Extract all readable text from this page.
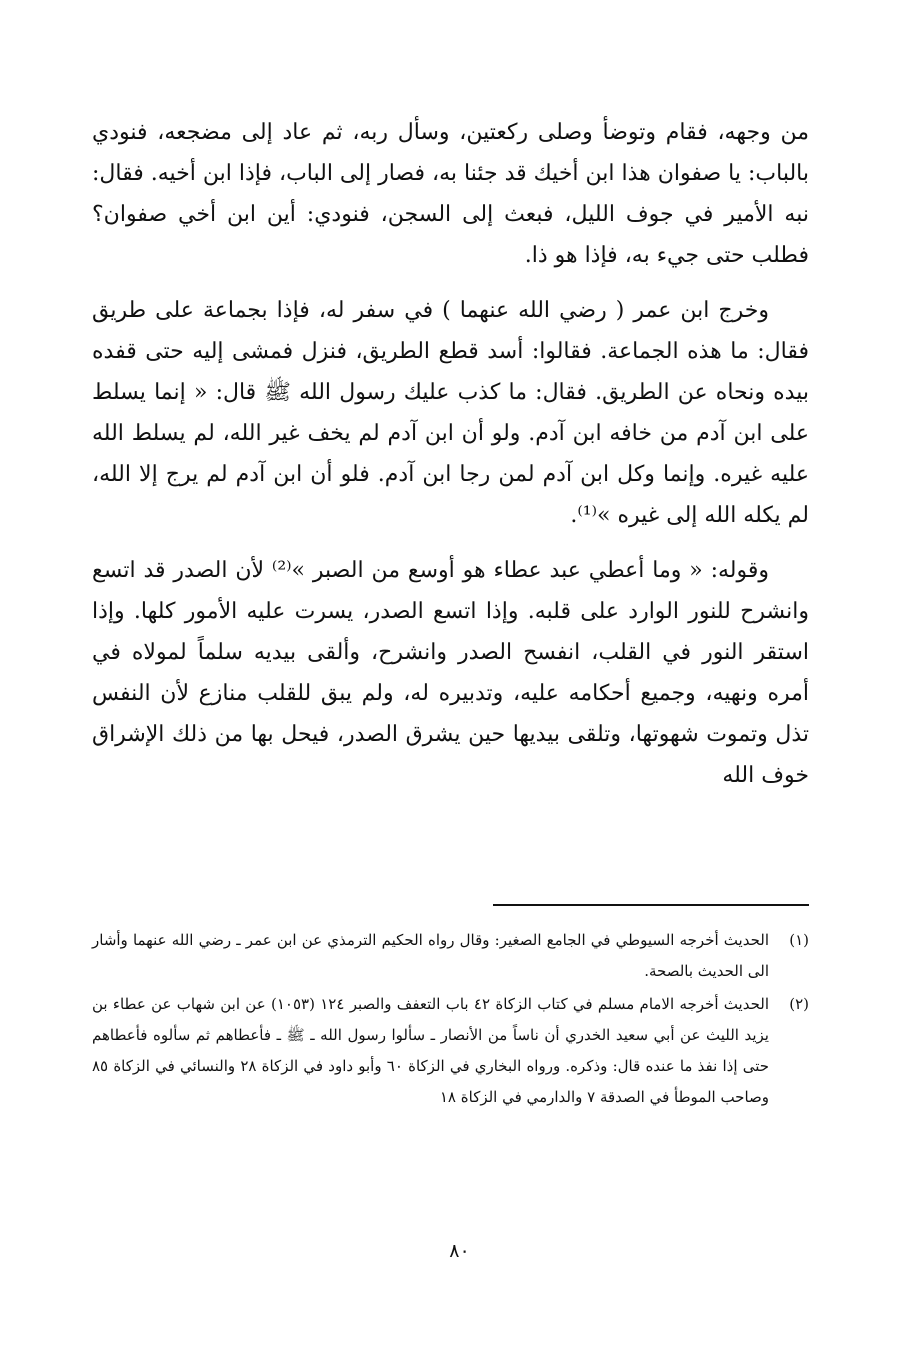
من وجهه، فقام وتوضأ وصلى ركعتين، وسأل ربه، ثم عاد إلى مضجعه، فنودي بالباب: يا صفوان هذا ابن أخيك قد جئنا به، فصار إلى الباب، فإذا ابن أخيه. فقال: نبه الأمير في جوف الليل، فبعث إلى السجن، فنودي: أين ابن أخي صفوان؟ فطلب حتى جيء به، فإذا هو ذا.

وخرج ابن عمر ( رضي الله عنهما ) في سفر له، فإذا بجماعة على طريق فقال: ما هذه الجماعة. فقالوا: أسد قطع الطريق، فنزل فمشى إليه حتى قفده بيده ونحاه عن الطريق. فقال: ما كذب عليك رسول الله ﷺ قال: « إنما يسلط على ابن آدم من خافه ابن آدم. ولو أن ابن آدم لم يخف غير الله، لم يسلط الله عليه غيره. وإنما وكل ابن آدم لمن رجا ابن آدم. فلو أن ابن آدم لم يرج إلا الله، لم يكله الله إلى غيره »⁽¹⁾.

وقوله: « وما أعطي عبد عطاء هو أوسع من الصبر »⁽²⁾ لأن الصدر قد اتسع وانشرح للنور الوارد على قلبه. وإذا اتسع الصدر، يسرت عليه الأمور كلها. وإذا استقر النور في القلب، انفسح الصدر وانشرح، وألقى بيديه سلماً لمولاه في أمره ونهيه، وجميع أحكامه عليه، وتدبيره له، ولم يبق للقلب منازع لأن النفس تذل وتموت شهوتها، وتلقى بيديها حين يشرق الصدر، فيحل بها من ذلك الإشراق خوف الله

(١)
الحديث أخرجه السيوطي في الجامع الصغير: وقال رواه الحكيم الترمذي عن ابن عمر ـ رضي الله عنهما وأشار الى الحديث بالصحة.
(٢)
الحديث أخرجه الامام مسلم في كتاب الزكاة ٤٢ باب التعفف والصبر ١٢٤ (١٠٥٣) عن ابن شهاب عن عطاء بن يزيد الليث عن أبي سعيد الخدري أن ناساً من الأنصار ـ سألوا رسول الله ـ ﷺ ـ فأعطاهم ثم سألوه فأعطاهم حتى إذا نفذ ما عنده قال: وذكره. ورواه البخاري في الزكاة ٦٠ وأبو داود في الزكاة ٢٨ والنسائي في الزكاة ٨٥ وصاحب الموطأ في الصدقة ٧ والدارمي في الزكاة ١٨
٨٠
